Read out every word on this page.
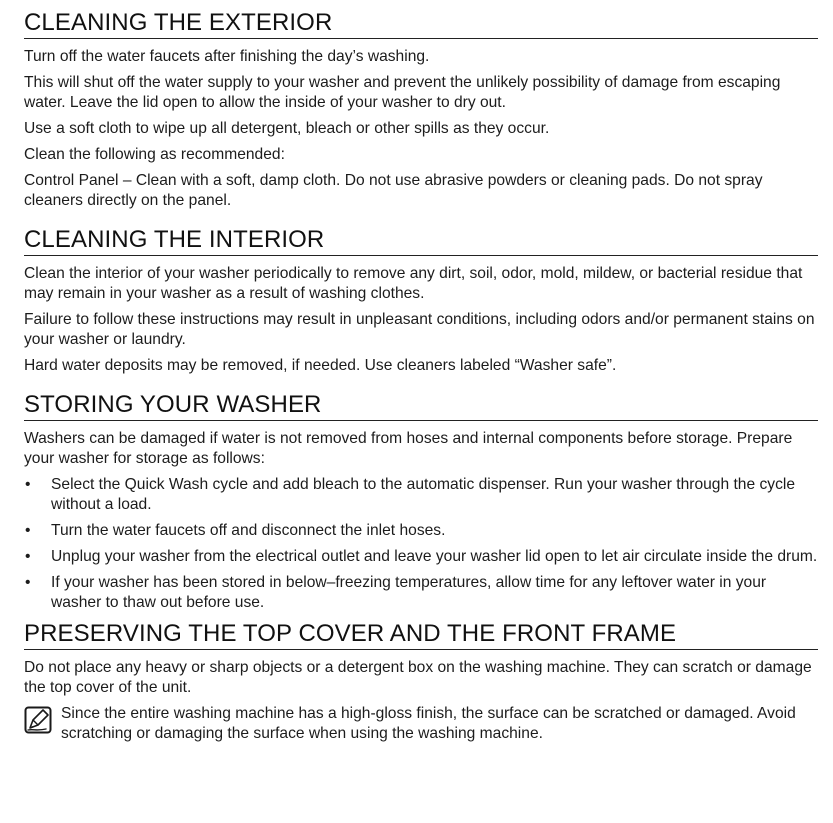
CLEANING THE EXTERIOR

Turn off the water faucets after finishing the day’s washing.

This will shut off the water supply to your washer and prevent the unlikely possibility of damage from escaping water. Leave the lid open to allow the inside of your washer to dry out.

Use a soft cloth to wipe up all detergent, bleach or other spills as they occur.

Clean the following as recommended:

Control Panel – Clean with a soft, damp cloth. Do not use abrasive powders or cleaning pads. Do not spray cleaners directly on the panel.

CLEANING THE INTERIOR

Clean the interior of your washer periodically to remove any dirt, soil, odor, mold, mildew, or bacterial residue that may remain in your washer as a result of washing clothes.

Failure to follow these instructions may result in unpleasant conditions, including odors and/or permanent stains on your washer or laundry.

Hard water deposits may be removed, if needed. Use cleaners labeled “Washer safe”.

STORING YOUR WASHER

Washers can be damaged if water is not removed from hoses and internal components before storage. Prepare your washer for storage as follows:

• Select the Quick Wash cycle and add bleach to the automatic dispenser. Run your washer through the cycle without a load.
• Turn the water faucets off and disconnect the inlet hoses.
• Unplug your washer from the electrical outlet and leave your washer lid open to let air circulate inside the drum.
• If your washer has been stored in below–freezing temperatures, allow time for any leftover water in your washer to thaw out before use.
PRESERVING THE TOP COVER AND THE FRONT FRAME

Do not place any heavy or sharp objects or a detergent box on the washing machine. They can scratch or damage the top cover of the unit.

Since the entire washing machine has a high-gloss finish, the surface can be scratched or damaged. Avoid scratching or damaging the surface when using the washing machine.
